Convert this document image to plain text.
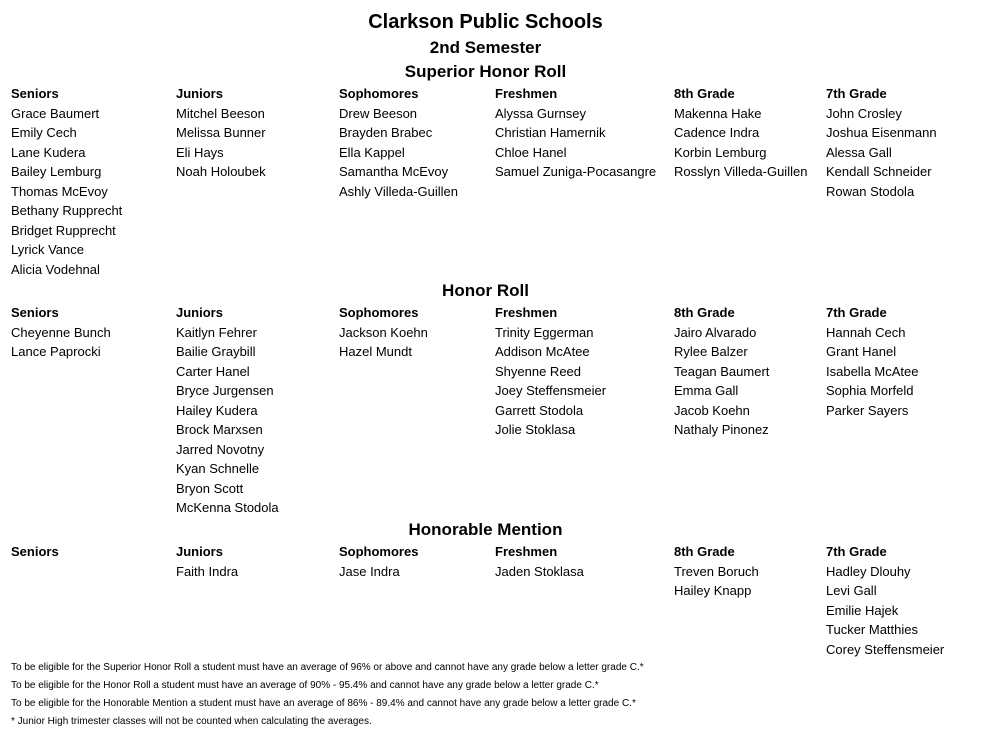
Clarkson Public Schools
2nd Semester
Superior Honor Roll
Seniors
Grace Baumert
Emily Cech
Lane Kudera
Bailey Lemburg
Thomas McEvoy
Bethany Rupprecht
Bridget Rupprecht
Lyrick Vance
Alicia Vodehnal
Juniors
Mitchel Beeson
Melissa Bunner
Eli Hays
Noah Holoubek
Sophomores
Drew Beeson
Brayden Brabec
Ella Kappel
Samantha McEvoy
Ashly Villeda-Guillen
Freshmen
Alyssa Gurnsey
Christian Hamernik
Chloe Hanel
Samuel Zuniga-Pocasangre
8th Grade
Makenna Hake
Cadence Indra
Korbin Lemburg
Rosslyn Villeda-Guillen
7th Grade
John Crosley
Joshua Eisenmann
Alessa Gall
Kendall Schneider
Rowan Stodola
Honor Roll
Seniors
Cheyenne Bunch
Lance Paprocki
Juniors
Kaitlyn Fehrer
Bailie Graybill
Carter Hanel
Bryce Jurgensen
Hailey Kudera
Brock Marxsen
Jarred Novotny
Kyan Schnelle
Bryon Scott
McKenna Stodola
Sophomores
Jackson Koehn
Hazel Mundt
Freshmen
Trinity Eggerman
Addison McAtee
Shyenne Reed
Joey Steffensmeier
Garrett Stodola
Jolie Stoklasa
8th Grade
Jairo Alvarado
Rylee Balzer
Teagan Baumert
Emma Gall
Jacob Koehn
Nathaly Pinonez
7th Grade
Hannah Cech
Grant Hanel
Isabella McAtee
Sophia Morfeld
Parker Sayers
Honorable Mention
Seniors	Juniors
Faith Indra
Sophomores
Jase Indra
Freshmen
Jaden Stoklasa
8th Grade
Treven Boruch
Hailey Knapp
7th Grade
Hadley Dlouhy
Levi Gall
Emilie Hajek
Tucker Matthies
Corey Steffensmeier

To be eligible for the Superior Honor Roll a student must have an average of 96% or above and cannot have any grade below a letter grade C.*

To be eligible for the Honor Roll a student must have an average of 90% - 95.4% and cannot have any grade below a letter grade C.*

To be eligible for the Honorable Mention a student must have an average of 86% - 89.4% and cannot have any grade below a letter grade C.*

* Junior High trimester classes will not be counted when calculating the averages.
